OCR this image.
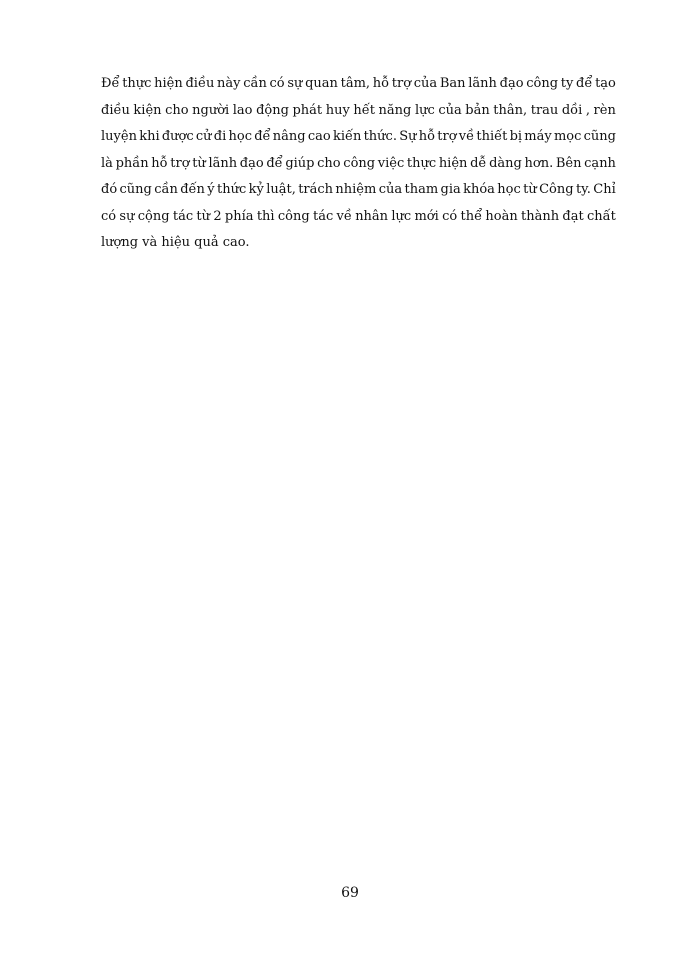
Để thực hiện điều này cần có sự quan tâm, hỗ trợ của Ban lãnh đạo công ty để tạo
điều kiện cho người lao động phát huy hết năng lực của bản thân, trau dồi , rèn
luyện khi được cử đi học để nâng cao kiến thức. Sự hỗ trợ về thiết bị máy mọc cũng
là phần hỗ trợ từ lãnh đạo để giúp cho công việc thực hiện dễ dàng hơn. Bên cạnh
đó cũng cần đến ý thức kỷ luật, trách nhiệm của tham gia khóa học từ Công ty. Chỉ
có sự cộng tác từ 2 phía thì công tác về nhân lực mới có thể hoàn thành đạt chất
lượng và hiệu quả cao.
69
